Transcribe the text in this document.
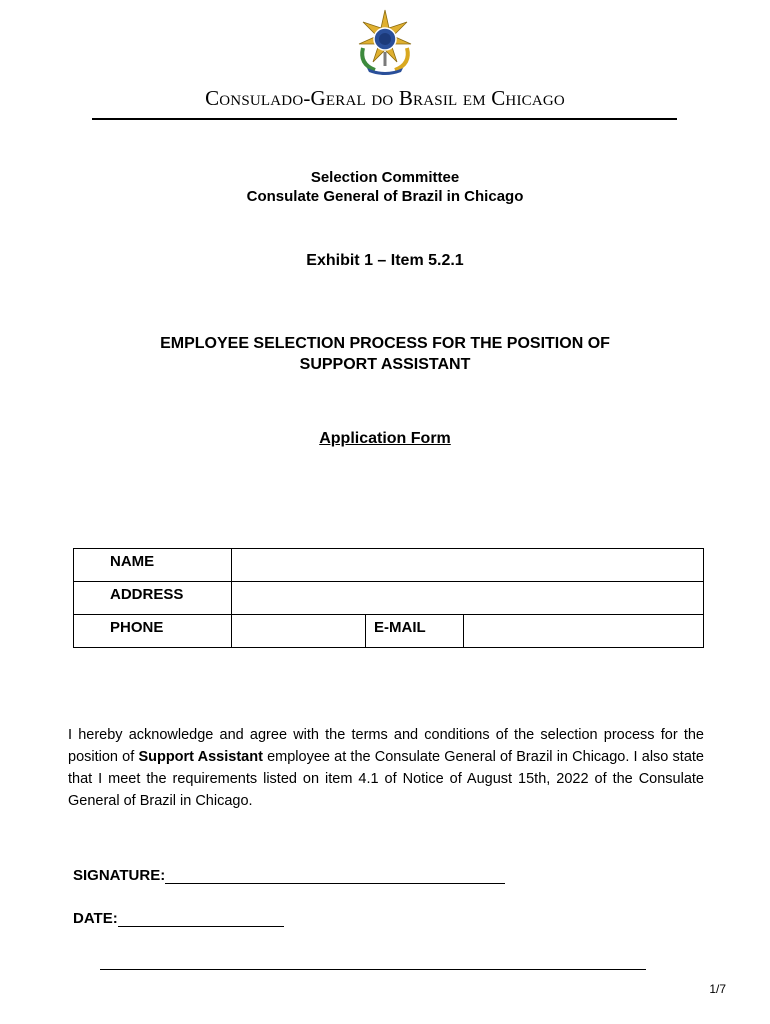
Consulado-Geral do Brasil em Chicago
Selection Committee
Consulate General of Brazil in Chicago
Exhibit 1 – Item 5.2.1
EMPLOYEE SELECTION PROCESS FOR THE POSITION OF
SUPPORT ASSISTANT
Application Form
NAME			
ADDRESS			
PHONE		E-MAIL	
I hereby acknowledge and agree with the terms and conditions of the selection process for the position of Support Assistant employee at the Consulate General of Brazil in Chicago. I also state that I meet the requirements listed on item 4.1 of Notice of August 15th, 2022 of the Consulate General of Brazil in Chicago.
SIGNATURE:
DATE:
1/7
